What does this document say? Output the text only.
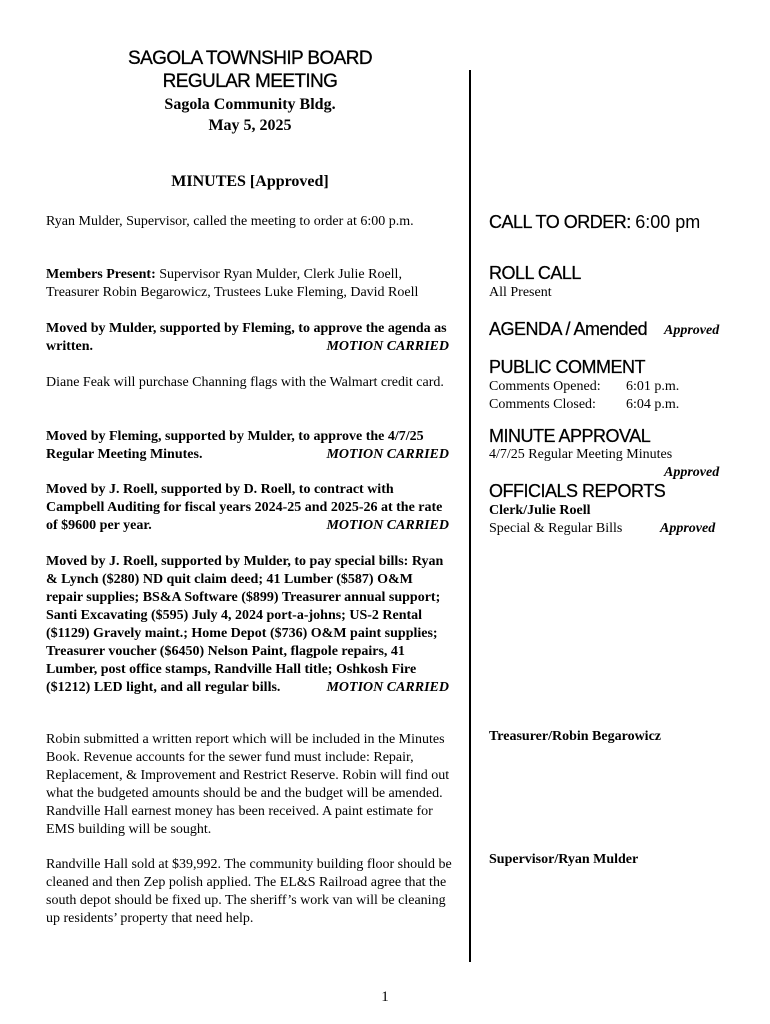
SAGOLA TOWNSHIP BOARD
REGULAR MEETING
Sagola Community Bldg.
May 5, 2025
MINUTES [Approved]
Ryan Mulder, Supervisor, called the meeting to order at 6:00 p.m.
Members Present: Supervisor Ryan Mulder, Clerk Julie Roell, Treasurer Robin Begarowicz, Trustees Luke Fleming, David Roell
Moved by Mulder, supported by Fleming, to approve the agenda as written.	MOTION CARRIED
Diane Feak will purchase Channing flags with the Walmart credit card.
Moved by Fleming, supported by Mulder, to approve the 4/7/25 Regular Meeting Minutes.	MOTION CARRIED
Moved by J. Roell, supported by D. Roell, to contract with Campbell Auditing for fiscal years 2024-25 and 2025-26 at the rate of $9600 per year.	MOTION CARRIED
Moved by J. Roell, supported by Mulder, to pay special bills: Ryan & Lynch ($280) ND quit claim deed; 41 Lumber ($587) O&M repair supplies; BS&A Software ($899) Treasurer annual support; Santi Excavating ($595) July 4, 2024 port-a-johns; US-2 Rental ($1129) Gravely maint.; Home Depot ($736) O&M paint supplies; Treasurer voucher ($6450) Nelson Paint, flagpole repairs, 41 Lumber, post office stamps, Randville Hall title; Oshkosh Fire ($1212) LED light, and all regular bills.	MOTION CARRIED
Robin submitted a written report which will be included in the Minutes Book. Revenue accounts for the sewer fund must include: Repair, Replacement, & Improvement and Restrict Reserve. Robin will find out what the budgeted amounts should be and the budget will be amended. Randville Hall earnest money has been received. A paint estimate for EMS building will be sought.
Randville Hall sold at $39,992. The community building floor should be cleaned and then Zep polish applied. The EL&S Railroad agree that the south depot should be fixed up. The sheriff’s work van will be cleaning up residents’ property that need help.
CALL TO ORDER: 6:00 pm
ROLL CALL
All Present
AGENDA / Amended Approved
PUBLIC COMMENT
Comments Opened: 6:01 p.m.
Comments Closed: 6:04 p.m.
MINUTE APPROVAL
4/7/25 Regular Meeting Minutes
Approved
OFFICIALS REPORTS
Clerk/Julie Roell
Special & Regular Bills	Approved
Treasurer/Robin Begarowicz
Supervisor/Ryan Mulder
1
